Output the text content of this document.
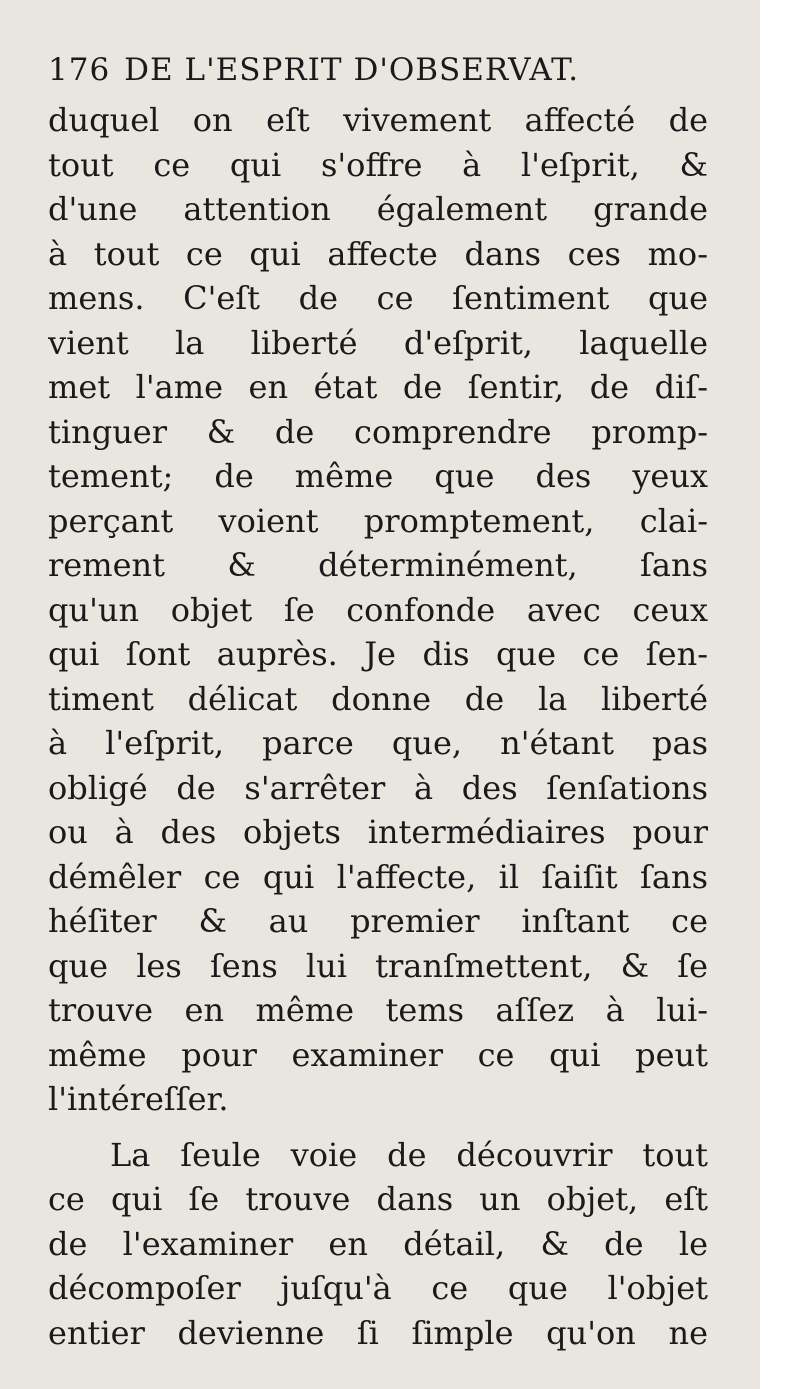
176 DE L'ESPRIT D'OBSERVAT.
duquel on eſt vivement affecté de
tout ce qui s'offre à l'eſprit, &
d'une attention également grande
à tout ce qui affecte dans ces mo-
mens. C'eſt de ce ſentiment que
vient la liberté d'eſprit, laquelle
met l'ame en état de ſentir, de diſ-
tinguer & de comprendre promp-
tement; de même que des yeux
perçant voient promptement, clai-
rement & déterminément, ſans
qu'un objet ſe confonde avec ceux
qui ſont auprès. Je dis que ce ſen-
timent délicat donne de la liberté
à l'eſprit, parce que, n'étant pas
obligé de s'arrêter à des ſenſations
ou à des objets intermédiaires pour
démêler ce qui l'affecte, il ſaiſit ſans
héſiter & au premier inſtant ce
que les ſens lui tranſmettent, & ſe
trouve en même tems aſſez à lui-
même pour examiner ce qui peut
l'intéreſſer.
La ſeule voie de découvrir tout
ce qui ſe trouve dans un objet, eſt
de l'examiner en détail, & de le
décompoſer juſqu'à ce que l'objet
entier devienne ſi ſimple qu'on ne
